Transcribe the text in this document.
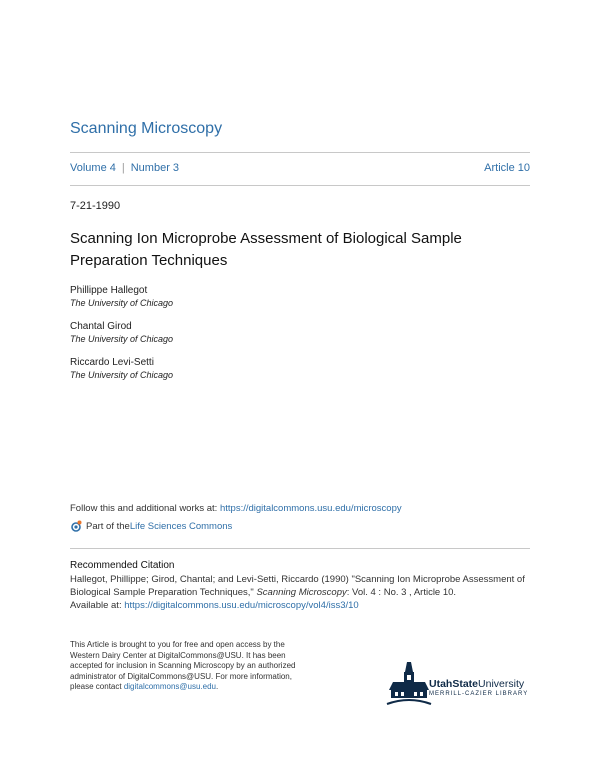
Scanning Microscopy
Volume 4 | Number 3	Article 10
7-21-1990
Scanning Ion Microprobe Assessment of Biological Sample Preparation Techniques
Phillippe Hallegot
The University of Chicago
Chantal Girod
The University of Chicago
Riccardo Levi-Setti
The University of Chicago
Follow this and additional works at: https://digitalcommons.usu.edu/microscopy
Part of the Life Sciences Commons
Recommended Citation
Hallegot, Phillippe; Girod, Chantal; and Levi-Setti, Riccardo (1990) "Scanning Ion Microprobe Assessment of Biological Sample Preparation Techniques," Scanning Microscopy: Vol. 4 : No. 3 , Article 10.
Available at: https://digitalcommons.usu.edu/microscopy/vol4/iss3/10
This Article is brought to you for free and open access by the Western Dairy Center at DigitalCommons@USU. It has been accepted for inclusion in Scanning Microscopy by an authorized administrator of DigitalCommons@USU. For more information, please contact digitalcommons@usu.edu.	UtahStateUniversity
MERRILL-CAZIER LIBRARY
